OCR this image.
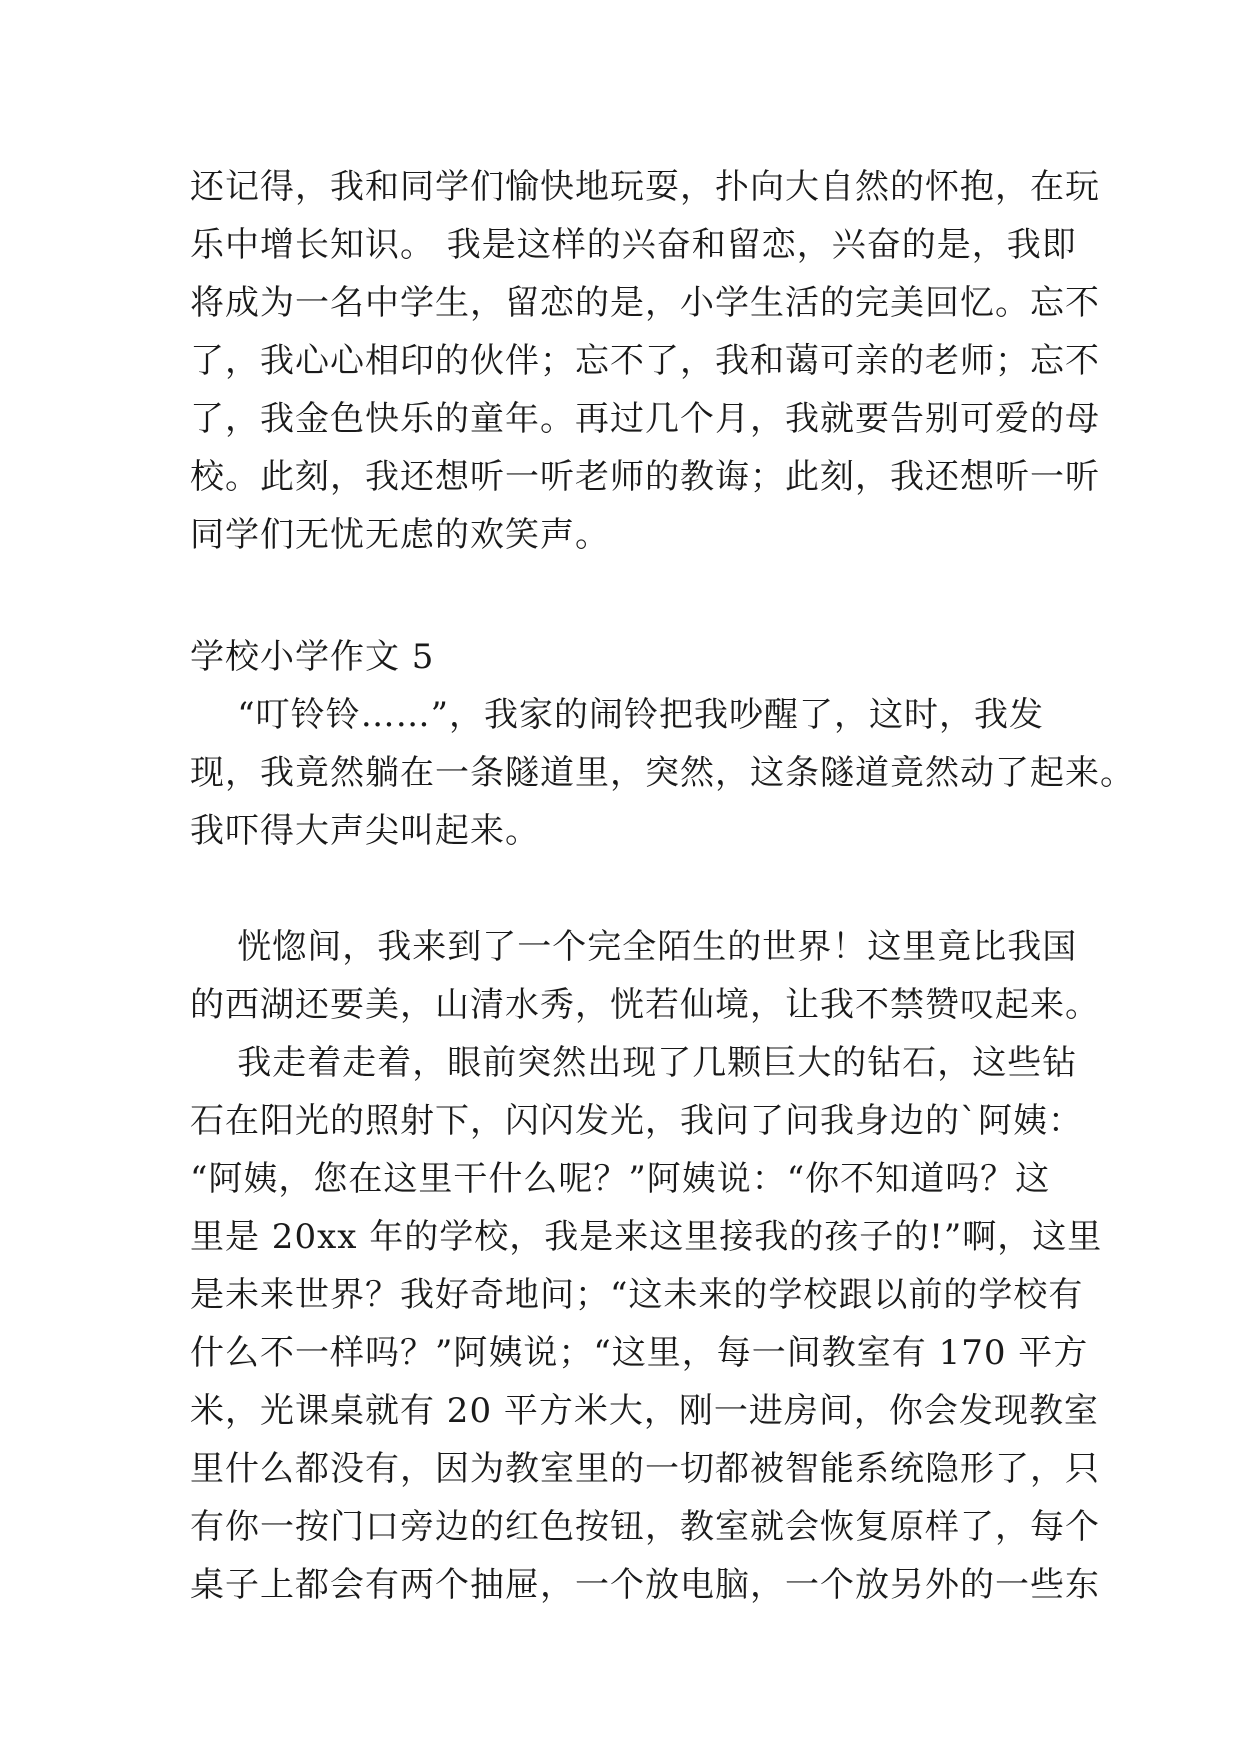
还记得，我和同学们愉快地玩耍，扑向大自然的怀抱，在玩
乐中增长知识。 我是这样的兴奋和留恋，兴奋的是，我即
将成为一名中学生，留恋的是，小学生活的完美回忆。忘不
了，我心心相印的伙伴；忘不了，我和蔼可亲的老师；忘不
了，我金色快乐的童年。再过几个月，我就要告别可爱的母
校。此刻，我还想听一听老师的教诲；此刻，我还想听一听
同学们无忧无虑的欢笑声。
学校小学作文 5
“叮铃铃……”，我家的闹铃把我吵醒了，这时，我发
现，我竟然躺在一条隧道里，突然，这条隧道竟然动了起来。
我吓得大声尖叫起来。
恍惚间，我来到了一个完全陌生的世界！这里竟比我国
的西湖还要美，山清水秀，恍若仙境，让我不禁赞叹起来。
我走着走着，眼前突然出现了几颗巨大的钻石，这些钻
石在阳光的照射下，闪闪发光，我问了问我身边的`阿姨：
“阿姨，您在这里干什么呢？”阿姨说：“你不知道吗？这
里是 20xx 年的学校，我是来这里接我的孩子的!”啊，这里
是未来世界？我好奇地问；“这未来的学校跟以前的学校有
什么不一样吗？”阿姨说；“这里，每一间教室有 170 平方
米，光课桌就有 20 平方米大，刚一进房间，你会发现教室
里什么都没有，因为教室里的一切都被智能系统隐形了，只
有你一按门口旁边的红色按钮，教室就会恢复原样了，每个
桌子上都会有两个抽屉，一个放电脑，一个放另外的一些东
